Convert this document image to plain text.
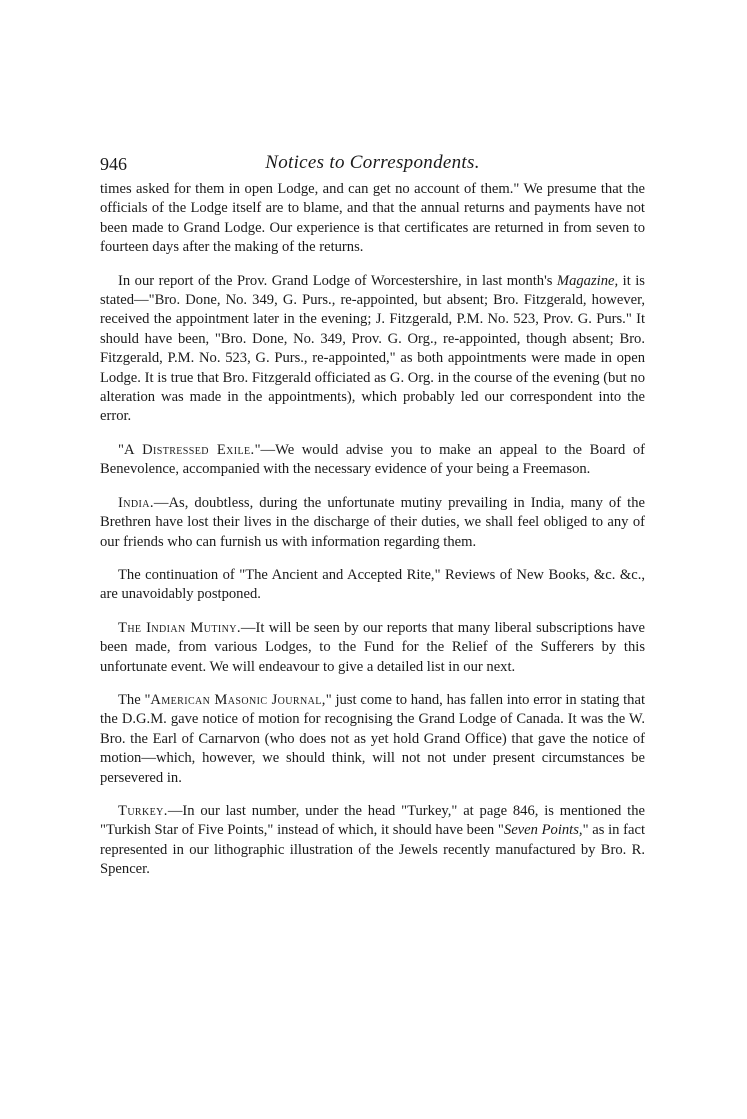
946	Notices to Correspondents.

times asked for them in open Lodge, and can get no account of them." We presume that the officials of the Lodge itself are to blame, and that the annual returns and payments have not been made to Grand Lodge. Our experience is that certificates are returned in from seven to fourteen days after the making of the returns.

In our report of the Prov. Grand Lodge of Worcestershire, in last month's Magazine, it is stated—"Bro. Done, No. 349, G. Purs., re-appointed, but absent; Bro. Fitzgerald, however, received the appointment later in the evening; J. Fitzgerald, P.M. No. 523, Prov. G. Purs." It should have been, "Bro. Done, No. 349, Prov. G. Org., re-appointed, though absent; Bro. Fitzgerald, P.M. No. 523, G. Purs., re-appointed," as both appointments were made in open Lodge. It is true that Bro. Fitzgerald officiated as G. Org. in the course of the evening (but no alteration was made in the appointments), which probably led our correspondent into the error.

"A Distressed Exile."—We would advise you to make an appeal to the Board of Benevolence, accompanied with the necessary evidence of your being a Freemason.

India.—As, doubtless, during the unfortunate mutiny prevailing in India, many of the Brethren have lost their lives in the discharge of their duties, we shall feel obliged to any of our friends who can furnish us with information regarding them.

The continuation of "The Ancient and Accepted Rite," Reviews of New Books, &c. &c., are unavoidably postponed.

The Indian Mutiny.—It will be seen by our reports that many liberal subscriptions have been made, from various Lodges, to the Fund for the Relief of the Sufferers by this unfortunate event. We will endeavour to give a detailed list in our next.

The "American Masonic Journal," just come to hand, has fallen into error in stating that the D.G.M. gave notice of motion for recognising the Grand Lodge of Canada. It was the W. Bro. the Earl of Carnarvon (who does not as yet hold Grand Office) that gave the notice of motion—which, however, we should think, will not not under present circumstances be persevered in.

Turkey.—In our last number, under the head "Turkey," at page 846, is mentioned the "Turkish Star of Five Points," instead of which, it should have been "Seven Points," as in fact represented in our lithographic illustration of the Jewels recently manufactured by Bro. R. Spencer.
